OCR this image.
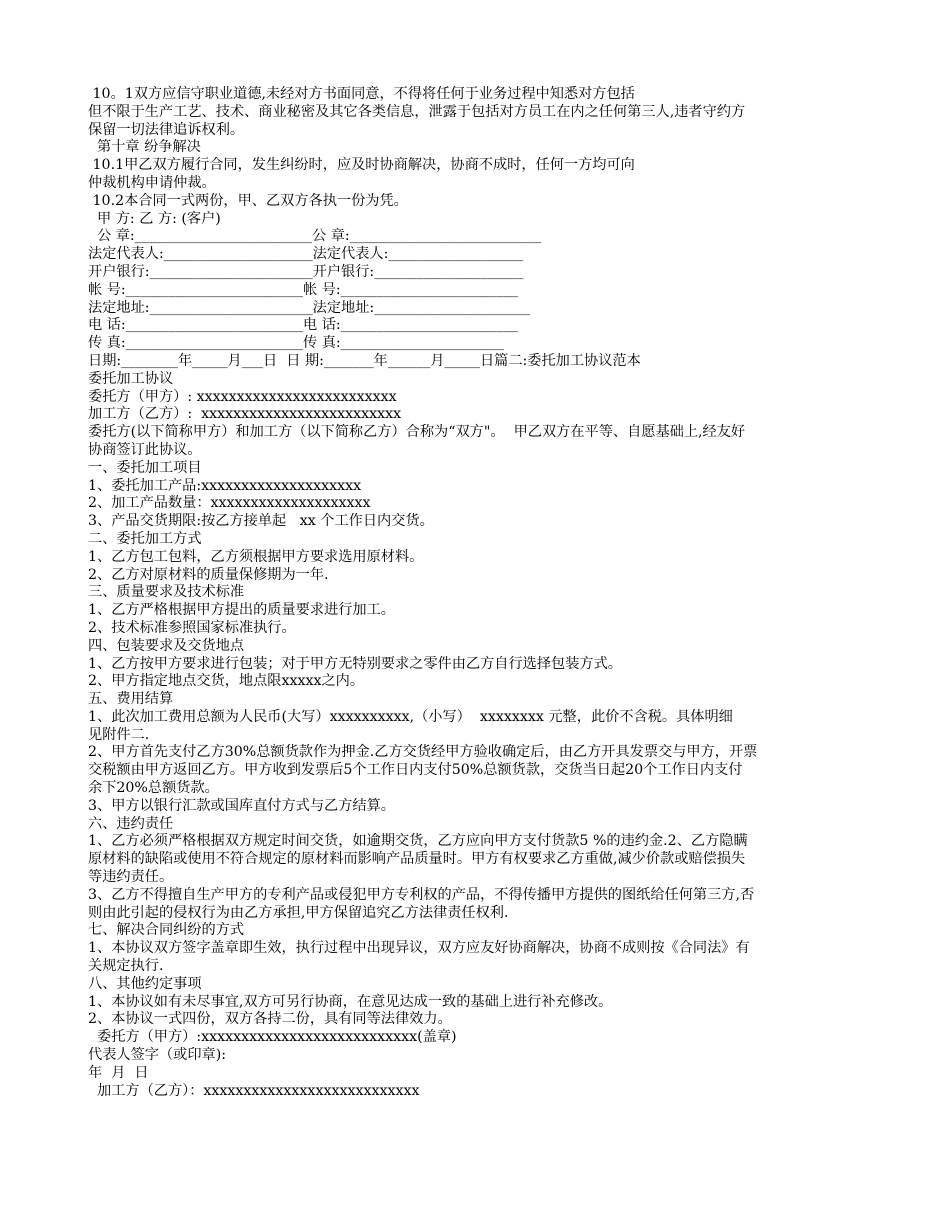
10。1双方应信守职业道德,未经对方书面同意，不得将任何于业务过程中知悉对方包括
但不限于生产工艺、技术、商业秘密及其它各类信息，泄露于包括对方员工在内之任何第三人,违者守约方
保留一切法律追诉权利。
第十章 纷争解决
10.1甲乙双方履行合同，发生纠纷时，应及时协商解决，协商不成时，任何一方均可向
仲裁机构申请仲裁。
10.2本合同一式两份，甲、乙双方各执一份为凭。
甲 方: 乙 方: (客户)
公 章:_________________________公 章:___________________________
法定代表人:_____________________法定代表人:___________________
开户银行:_______________________开户银行:_____________________
帐 号:_________________________帐 号:_________________________
法定地址:_______________________法定地址:______________________
电 话:_________________________电 话:_________________________
传 真:_________________________传 真:_______________________
日期:________年_____月___日  日 期:_______年______月_____日篇二:委托加工协议范本
委托加工协议
委托方（甲方）: xxxxxxxxxxxxxxxxxxxxxxxxx
加工方（乙方）:  xxxxxxxxxxxxxxxxxxxxxxxxx
委托方(以下简称甲方）和加工方（以下简称乙方）合称为“双方"。  甲乙双方在平等、自愿基础上,经友好
协商签订此协议。
一、委托加工项目
1、委托加工产品:xxxxxxxxxxxxxxxxxxxx
2、加工产品数量：xxxxxxxxxxxxxxxxxxxx
3、产品交货期限:按乙方接单起   xx 个工作日内交货。
二、委托加工方式
1、乙方包工包料，乙方须根据甲方要求选用原材料。
2、乙方对原材料的质量保修期为一年.
三、质量要求及技术标准
1、乙方严格根据甲方提出的质量要求进行加工。
2、技术标准参照国家标准执行。
四、包装要求及交货地点
1、乙方按甲方要求进行包装；对于甲方无特别要求之零件由乙方自行选择包装方式。
2、甲方指定地点交货，地点限xxxxx之内。
五、费用结算
1、此次加工费用总额为人民币(大写）xxxxxxxxxx,（小写）  xxxxxxxx 元整，此价不含税。具体明细
见附件二.
2、甲方首先支付乙方30%总额货款作为押金.乙方交货经甲方验收确定后，由乙方开具发票交与甲方，开票
交税额由甲方返回乙方。甲方收到发票后5个工作日内支付50%总额货款，交货当日起20个工作日内支付
余下20%总额货款。
3、甲方以银行汇款或国库直付方式与乙方结算。
六、违约责任
1、乙方必须严格根据双方规定时间交货，如逾期交货，乙方应向甲方支付货款5 %的违约金.2、乙方隐瞒
原材料的缺陷或使用不符合规定的原材料而影响产品质量时。甲方有权要求乙方重做,减少价款或赔偿损失
等违约责任。
3、乙方不得擅自生产甲方的专利产品或侵犯甲方专利权的产品，不得传播甲方提供的图纸给任何第三方,否
则由此引起的侵权行为由乙方承担,甲方保留追究乙方法律责任权利.
七、解决合同纠纷的方式
1、本协议双方签字盖章即生效，执行过程中出现异议，双方应友好协商解决，协商不成则按《合同法》有
关规定执行.
八、其他约定事项
1、本协议如有未尽事宜,双方可另行协商，在意见达成一致的基础上进行补充修改。
2、本协议一式四份，双方各持二份，具有同等法律效力。
委托方（甲方）:xxxxxxxxxxxxxxxxxxxxxxxxxxx(盖章)
代表人签字（或印章):
年  月  日
加工方（乙方）：xxxxxxxxxxxxxxxxxxxxxxxxxxx
